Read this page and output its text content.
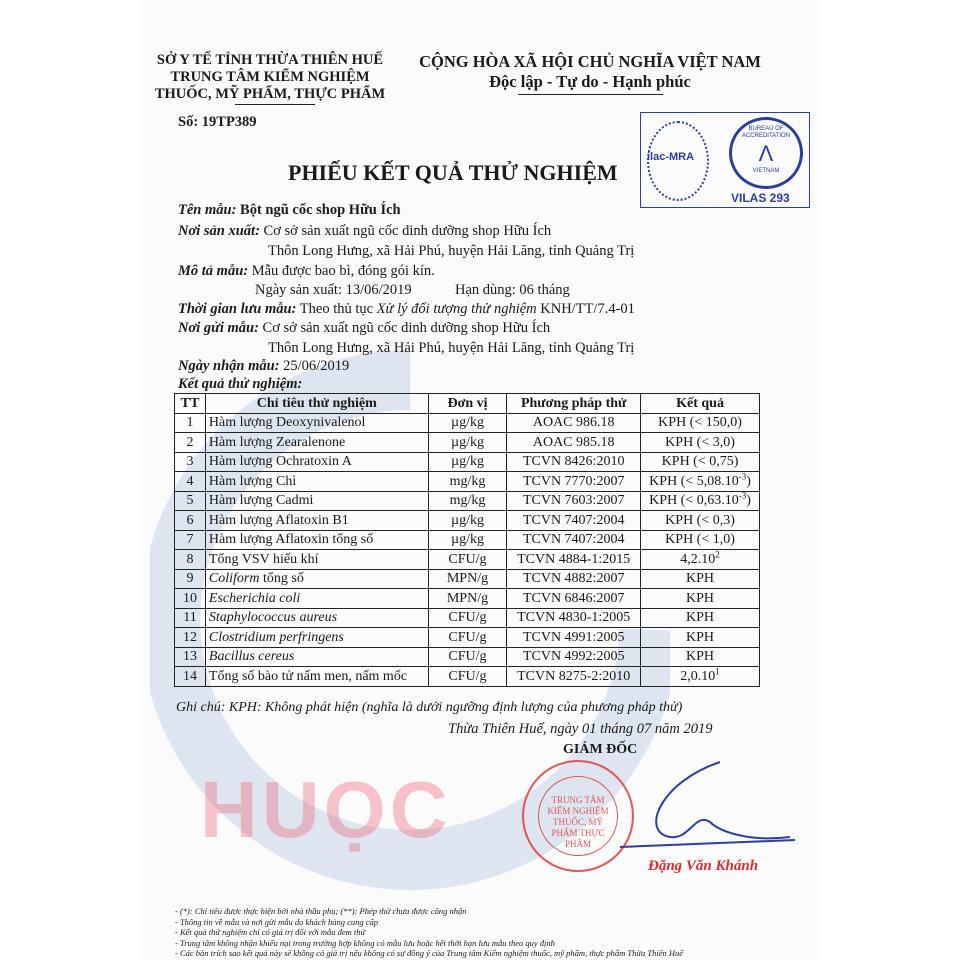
HUỌC
SỞ Y TẾ TỈNH THỪA THIÊN HUẾ
TRUNG TÂM KIỂM NGHIỆM
THUỐC, MỸ PHẨM, THỰC PHẨM
Số: 19TP389
CỘNG HÒA XÃ HỘI CHỦ NGHĨA VIỆT NAM
Độc lập - Tự do - Hạnh phúc
ilac-MRA
BUREAU OF ACCREDITATION
Λ
VIETNAM
VILAS 293
PHIẾU KẾT QUẢ THỬ NGHIỆM
Tên mẫu: Bột ngũ cốc shop Hữu Ích
Nơi sản xuất: Cơ sở sản xuất ngũ cốc dinh dưỡng shop Hữu Ích
Thôn Long Hưng, xã Hải Phú, huyện Hải Lăng, tỉnh Quảng Trị
Mô tả mẫu: Mẫu được bao bì, đóng gói kín.
Ngày sản xuất: 13/06/2019	Hạn dùng: 06 tháng
Thời gian lưu mẫu: Theo thủ tục Xử lý đối tượng thử nghiệm KNH/TT/7.4-01
Nơi gửi mẫu: Cơ sở sản xuất ngũ cốc dinh dưỡng shop Hữu Ích
Thôn Long Hưng, xã Hải Phú, huyện Hải Lăng, tỉnh Quảng Trị
Ngày nhận mẫu: 25/06/2019
Kết quả thử nghiệm:
TT	Chỉ tiêu thử nghiệm	Đơn vị	Phương pháp thử	Kết quả
1	Hàm lượng Deoxynivalenol	µg/kg	AOAC 986.18	KPH (< 150,0)
2	Hàm lượng Zearalenone	µg/kg	AOAC 985.18	KPH (< 3,0)
3	Hàm lượng Ochratoxin A	µg/kg	TCVN 8426:2010	KPH (< 0,75)
4	Hàm lượng Chì	mg/kg	TCVN 7770:2007	KPH (< $5,08.10^{-3}$)
5	Hàm lượng Cadmi	mg/kg	TCVN 7603:2007	KPH (< $0,63.10^{-3}$)
6	Hàm lượng Aflatoxin B1	µg/kg	TCVN 7407:2004	KPH (< 0,3)
7	Hàm lượng Aflatoxin tổng số	µg/kg	TCVN 7407:2004	KPH (< 1,0)
8	Tổng VSV hiếu khí	CFU/g	TCVN 4884-1:2015	4,2.10$^2$
9	Coliform tổng số	MPN/g	TCVN 4882:2007	KPH
10	Escherichia coli	MPN/g	TCVN 6846:2007	KPH
11	Staphylococcus aureus	CFU/g	TCVN 4830-1:2005	KPH
12	Clostridium perfringens	CFU/g	TCVN 4991:2005	KPH
13	Bacillus cereus	CFU/g	TCVN 4992:2005	KPH
14	Tổng số bào tử nấm men, nấm mốc	CFU/g	TCVN 8275-2:2010	2,0.10$^1$
Ghi chú: KPH: Không phát hiện (nghĩa là dưới ngưỡng định lượng của phương pháp thử)
Thừa Thiên Huế, ngày 01 tháng 07 năm 2019
GIÁM ĐỐC
TRUNG TÂM KIỂM NGHIỆM THUỐC, MỸ PHẨM THỰC PHẨM
Đặng Văn Khánh
- (*): Chỉ tiêu được thực hiện bởi nhà thầu phụ; (**): Phép thử chưa được công nhận
- Thông tin về mẫu và nơi gửi mẫu do khách hàng cung cấp
- Kết quả thử nghiệm chỉ có giá trị đối với mẫu đem thử
- Trung tâm không nhận khiếu nại trong trường hợp không có mẫu lưu hoặc hết thời hạn lưu mẫu theo quy định
- Các bản trích sao kết quả này sẽ không có giá trị nếu không có sự đồng ý của Trung tâm Kiểm nghiệm thuốc, mỹ phẩm, thực phẩm Thừa Thiên Huế
